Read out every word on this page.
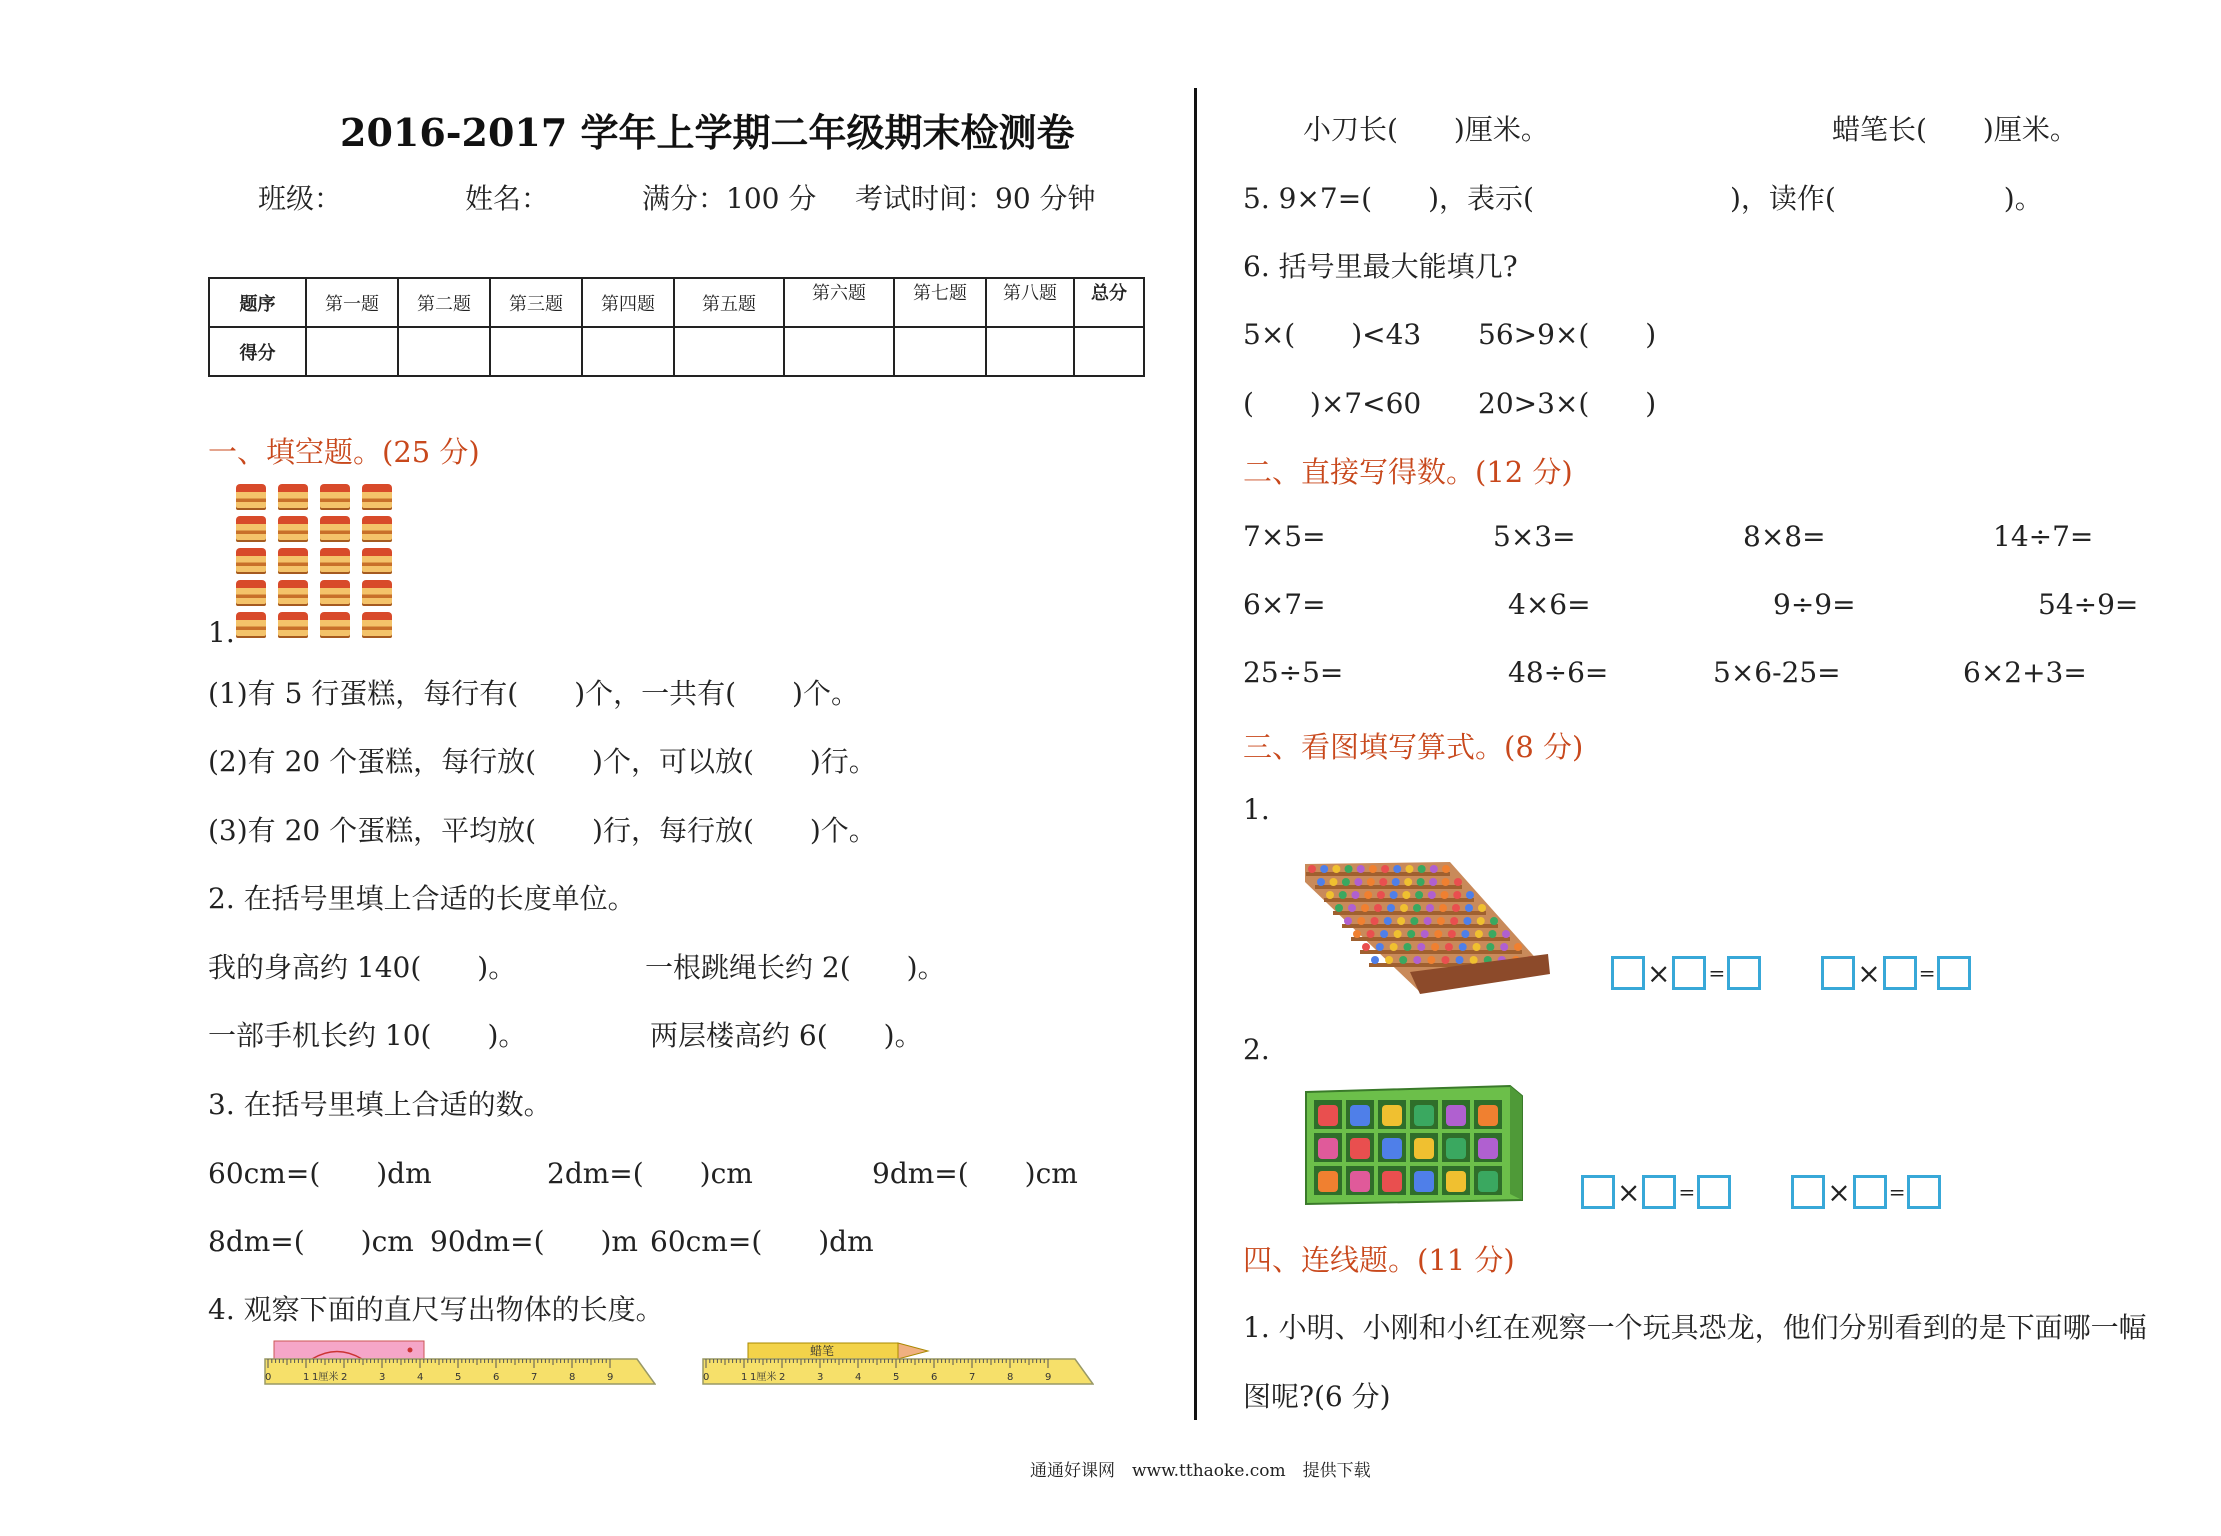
2016-2017 学年上学期二年级期末检测卷
班级：	姓名：	满分：100 分 考试时间：90 分钟
题序	第一题	第二题	第三题	第四题	第五题	第六题	第七题	第八题	总分
得分									
一、填空题。(25 分)
1.
(1)有 5 行蛋糕，每行有(　　)个，一共有(　　)个。
(2)有 20 个蛋糕，每行放(　　)个，可以放(　　)行。
(3)有 20 个蛋糕，平均放(　　)行，每行放(　　)个。
2. 在括号里填上合适的长度单位。
我的身高约 140(　　)。	一根跳绳长约 2(　　)。
一部手机长约 10(　　)。	两层楼高约 6(　　)。
3. 在括号里填上合适的数。
60cm=(　　)dm	2dm=(　　)cm	9dm=(　　)cm
8dm=(　　)cm 90dm=(　　)m 60cm=(　　)dm
4. 观察下面的直尺写出物体的长度。
0	1	2	3	4	5	6	7	8	9
1厘米
蜡笔
0	1	2	3	4	5	6	7	8	9
1厘米
小刀长(　　)厘米。	蜡笔长(　　)厘米。
5. 9×7=(　　)，表示(　　　　　　　)，读作(　　　　　　)。
6. 括号里最大能填几?
5×(　　)<43 56>9×(　　)
(　　)×7<60 20>3×(　　)
二、直接写得数。(12 分)
7×5=	5×3=	8×8=	14÷7=
6×7=	4×6=	9÷9=	54÷9=
25÷5=	48÷6=	5×6-25=	6×2+3=
三、看图填写算式。(8 分)
1.
× =	× =
2.
× =	× =
四、连线题。(11 分)
1. 小明、小刚和小红在观察一个玩具恐龙，他们分别看到的是下面哪一幅
图呢?(6 分)
通通好课网　www.tthaoke.com　提供下载
